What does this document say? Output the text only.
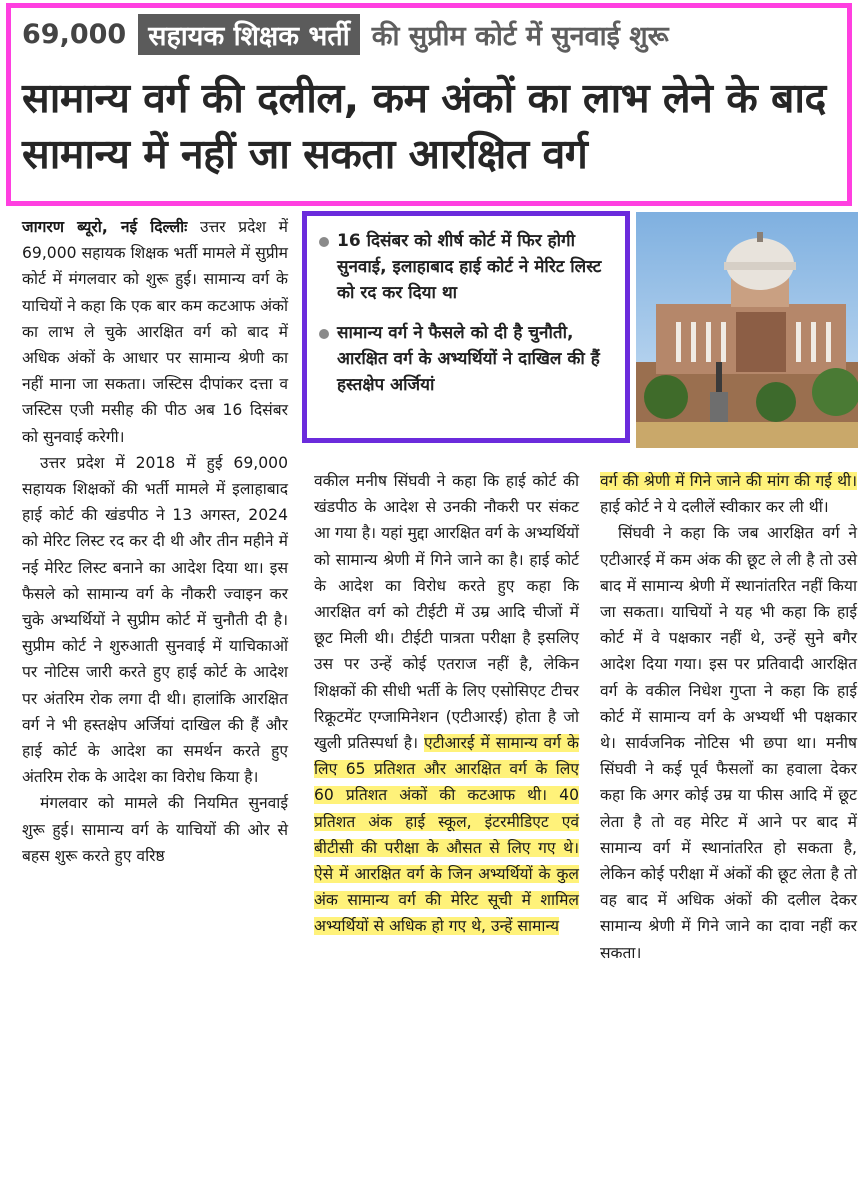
69,000 सहायक शिक्षक भर्ती की सुप्रीम कोर्ट में सुनवाई शुरू
सामान्य वर्ग की दलील, कम अंकों का लाभ लेने के बाद सामान्य में नहीं जा सकता आरक्षित वर्ग

जागरण ब्यूरो, नई दिल्लीः उत्तर प्रदेश में 69,000 सहायक शिक्षक भर्ती मामले में सुप्रीम कोर्ट में मंगलवार को शुरू हुई। सामान्य वर्ग के याचियों ने कहा कि एक बार कम कटआफ अंकों का लाभ ले चुके आरक्षित वर्ग को बाद में अधिक अंकों के आधार पर सामान्य श्रेणी का नहीं माना जा सकता। जस्टिस दीपांकर दत्ता व जस्टिस एजी मसीह की पीठ अब 16 दिसंबर को सुनवाई करेगी।

उत्तर प्रदेश में 2018 में हुई 69,000 सहायक शिक्षकों की भर्ती मामले में इलाहाबाद हाई कोर्ट की खंडपीठ ने 13 अगस्त, 2024 को मेरिट लिस्ट रद कर दी थी और तीन महीने में नई मेरिट लिस्ट बनाने का आदेश दिया था। इस फैसले को सामान्य वर्ग के नौकरी ज्वाइन कर चुके अभ्यर्थियों ने सुप्रीम कोर्ट में चुनौती दी है। सुप्रीम कोर्ट ने शुरुआती सुनवाई में याचिकाओं पर नोटिस जारी करते हुए हाई कोर्ट के आदेश पर अंतरिम रोक लगा दी थी। हालांकि आरक्षित वर्ग ने भी हस्तक्षेप अर्जियां दाखिल की हैं और हाई कोर्ट के आदेश का समर्थन करते हुए अंतरिम रोक के आदेश का विरोध किया है।

मंगलवार को मामले की नियमित सुनवाई शुरू हुई। सामान्य वर्ग के याचियों की ओर से बहस शुरू करते हुए वरिष्ठ

16 दिसंबर को शीर्ष कोर्ट में फिर होगी सुनवाई, इलाहाबाद हाई कोर्ट ने मेरिट लिस्ट को रद कर दिया था
सामान्य वर्ग ने फैसले को दी है चुनौती, आरक्षित वर्ग के अभ्यर्थियों ने दाखिल की हैं हस्तक्षेप अर्जियां

वकील मनीष सिंघवी ने कहा कि हाई कोर्ट की खंडपीठ के आदेश से उनकी नौकरी पर संकट आ गया है। यहां मुद्दा आरक्षित वर्ग के अभ्यर्थियों को सामान्य श्रेणी में गिने जाने का है। हाई कोर्ट के आदेश का विरोध करते हुए कहा कि आरक्षित वर्ग को टीईटी में उम्र आदि चीजों में छूट मिली थी। टीईटी पात्रता परीक्षा है इसलिए उस पर उन्हें कोई एतराज नहीं है, लेकिन शिक्षकों की सीधी भर्ती के लिए एसोसिएट टीचर रिक्रूटमेंट एग्जामिनेशन (एटीआरई) होता है जो खुली प्रतिस्पर्धा है। एटीआरई में सामान्य वर्ग के लिए 65 प्रतिशत और आरक्षित वर्ग के लिए 60 प्रतिशत अंकों की कटआफ थी। 40 प्रतिशत अंक हाई स्कूल, इंटरमीडिएट एवं बीटीसी की परीक्षा के औसत से लिए गए थे। ऐसे में आरक्षित वर्ग के जिन अभ्यर्थियों के कुल अंक सामान्य वर्ग की मेरिट सूची में शामिल अभ्यर्थियों से अधिक हो गए थे, उन्हें सामान्य

वर्ग की श्रेणी में गिने जाने की मांग की गई थी। हाई कोर्ट ने ये दलीलें स्वीकार कर ली थीं।

सिंघवी ने कहा कि जब आरक्षित वर्ग ने एटीआरई में कम अंक की छूट ले ली है तो उसे बाद में सामान्य श्रेणी में स्थानांतरित नहीं किया जा सकता। याचियों ने यह भी कहा कि हाई कोर्ट में वे पक्षकार नहीं थे, उन्हें सुने बगैर आदेश दिया गया। इस पर प्रतिवादी आरक्षित वर्ग के वकील निधेश गुप्ता ने कहा कि हाई कोर्ट में सामान्य वर्ग के अभ्यर्थी भी पक्षकार थे। सार्वजनिक नोटिस भी छपा था। मनीष सिंघवी ने कई पूर्व फैसलों का हवाला देकर कहा कि अगर कोई उम्र या फीस आदि में छूट लेता है तो वह मेरिट में आने पर बाद में सामान्य वर्ग में स्थानांतरित हो सकता है, लेकिन कोई परीक्षा में अंकों की छूट लेता है तो वह बाद में अधिक अंकों की दलील देकर सामान्य श्रेणी में गिने जाने का दावा नहीं कर सकता।
